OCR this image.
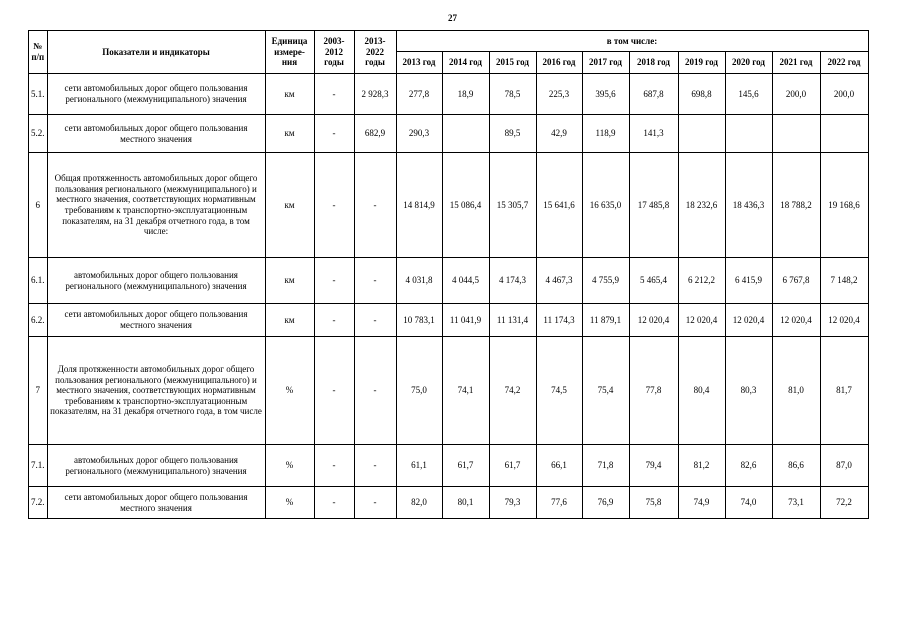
27
№ п/п	Показатели и индикаторы	Единица измере-ния	2003-2012 годы	2013-2022 годы	в том числе:									
					2013 год	2014 год	2015 год	2016 год	2017 год	2018 год	2019 год	2020 год	2021 год	2022 год
5.1.	сети автомобильных дорог общего пользования регионального (межмуниципального) значения	км	-	2 928,3	277,8	18,9	78,5	225,3	395,6	687,8	698,8	145,6	200,0	200,0
5.2.	сети автомобильных дорог общего пользования местного значения	км	-	682,9	290,3		89,5	42,9	118,9	141,3				
6	Общая протяженность автомобильных дорог общего пользования регионального (межмуниципального) и местного значения, соответствующих нормативным требованиям к транспортно-эксплуатационным показателям, на 31 декабря отчетного года, в том числе:	км	-	-	14 814,9	15 086,4	15 305,7	15 641,6	16 635,0	17 485,8	18 232,6	18 436,3	18 788,2	19 168,6
6.1.	автомобильных дорог общего пользования регионального (межмуниципального) значения	км	-	-	4 031,8	4 044,5	4 174,3	4 467,3	4 755,9	5 465,4	6 212,2	6 415,9	6 767,8	7 148,2
6.2.	сети автомобильных дорог общего пользования местного значения	км	-	-	10 783,1	11 041,9	11 131,4	11 174,3	11 879,1	12 020,4	12 020,4	12 020,4	12 020,4	12 020,4
7	Доля протяженности автомобильных дорог общего пользования регионального (межмуниципального) и местного значения, соответствующих нормативным требованиям к транспортно-эксплуатационным показателям, на 31 декабря отчетного года, в том числе	%	-	-	75,0	74,1	74,2	74,5	75,4	77,8	80,4	80,3	81,0	81,7
7.1.	автомобильных дорог общего пользования регионального (межмуниципального) значения	%	-	-	61,1	61,7	61,7	66,1	71,8	79,4	81,2	82,6	86,6	87,0
7.2.	сети автомобильных дорог общего пользования местного значения	%	-	-	82,0	80,1	79,3	77,6	76,9	75,8	74,9	74,0	73,1	72,2
